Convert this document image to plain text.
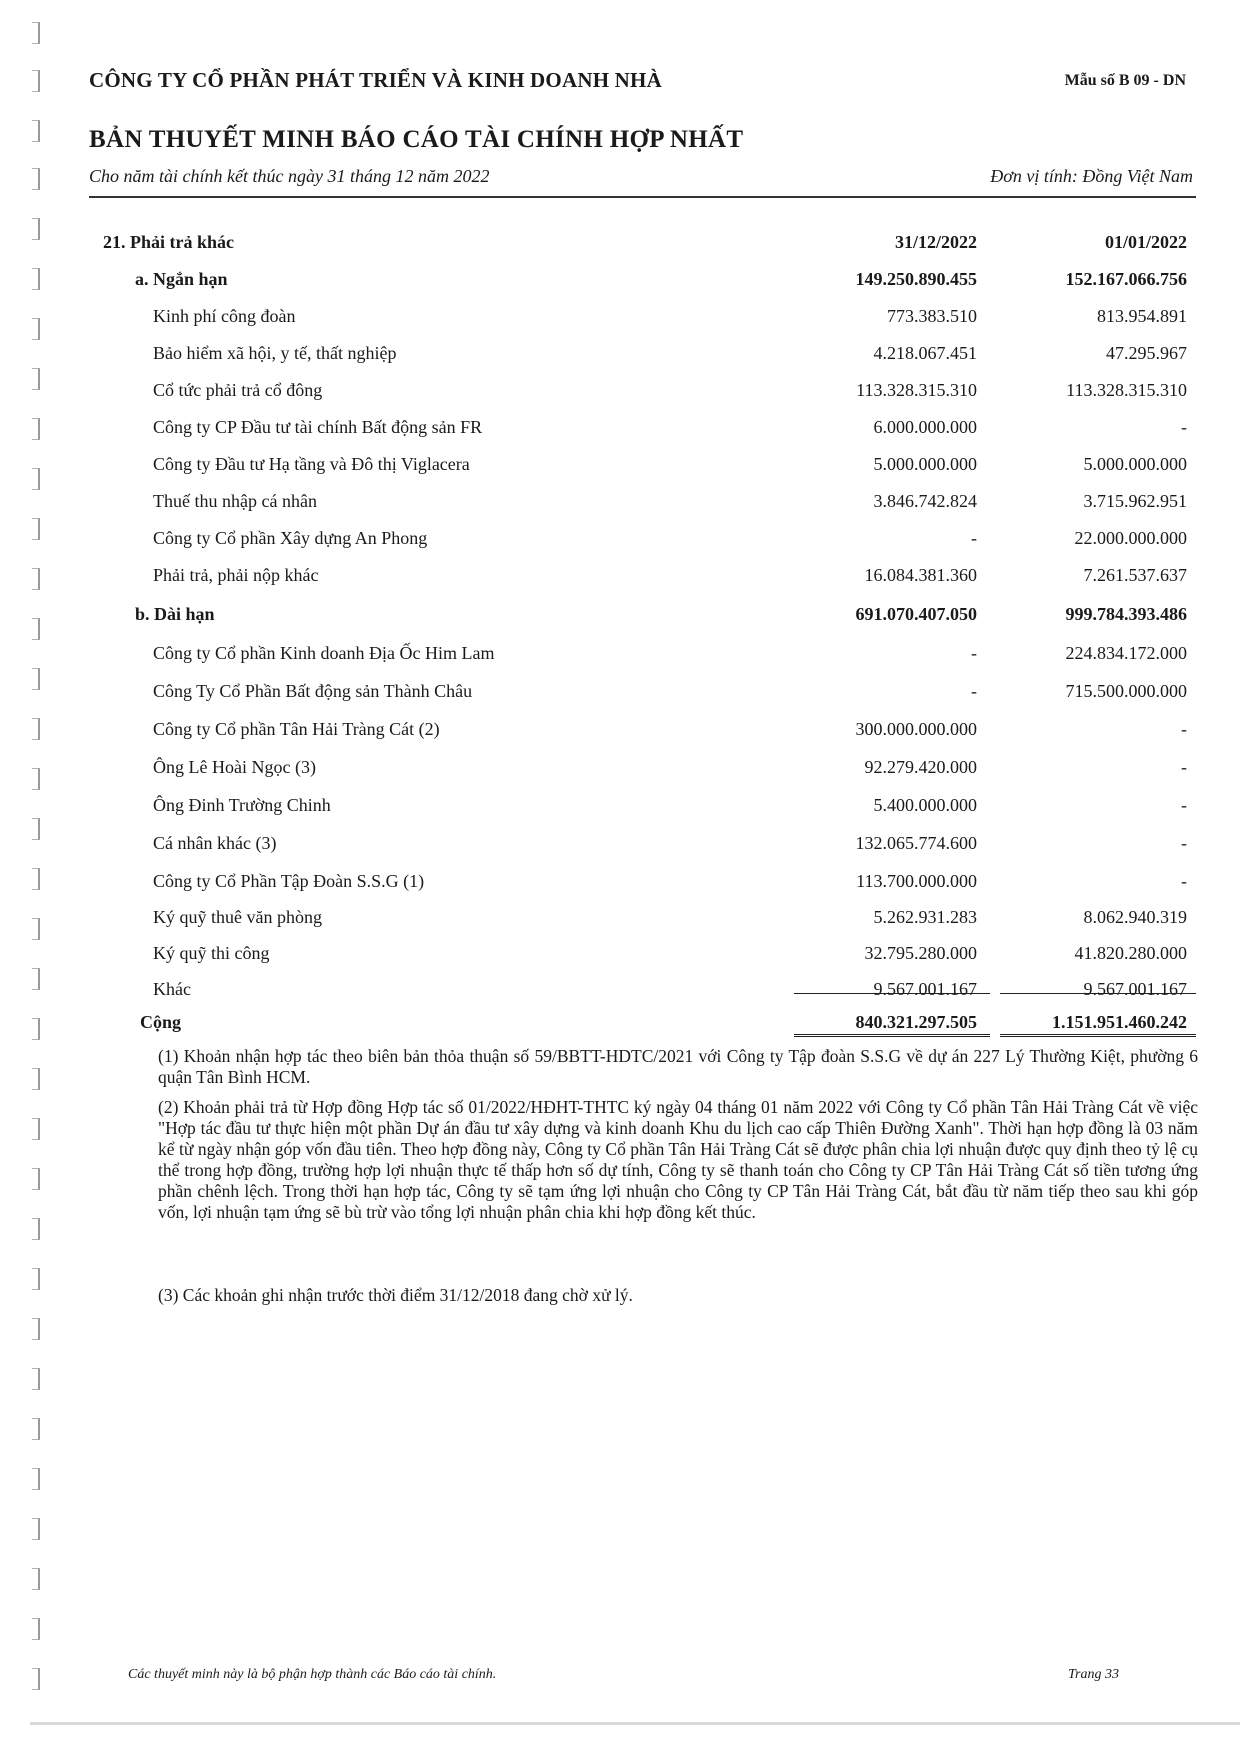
CÔNG TY CỔ PHẦN PHÁT TRIỂN VÀ KINH DOANH NHÀ	Mẫu số B 09 - DN
BẢN THUYẾT MINH BÁO CÁO TÀI CHÍNH HỢP NHẤT
Cho năm tài chính kết thúc ngày 31 tháng 12 năm 2022	Đơn vị tính: Đồng Việt Nam
21. Phải trả khác	31/12/2022	01/01/2022
a. Ngắn hạn	149.250.890.455	152.167.066.756
Kinh phí công đoàn	773.383.510	813.954.891
Bảo hiểm xã hội, y tế, thất nghiệp	4.218.067.451	47.295.967
Cổ tức phải trả cổ đông	113.328.315.310	113.328.315.310
Công ty CP Đầu tư tài chính Bất động sản FR	6.000.000.000	-
Công ty Đầu tư Hạ tầng và Đô thị Viglacera	5.000.000.000	5.000.000.000
Thuế thu nhập cá nhân	3.846.742.824	3.715.962.951
Công ty Cổ phần Xây dựng An Phong	-	22.000.000.000
Phải trả, phải nộp khác	16.084.381.360	7.261.537.637
b. Dài hạn	691.070.407.050	999.784.393.486
Công ty Cổ phần Kinh doanh Địa Ốc Him Lam	-	224.834.172.000
Công Ty Cổ Phần Bất động sản Thành Châu	-	715.500.000.000
Công ty Cổ phần Tân Hải Tràng Cát (2)	300.000.000.000	-
Ông Lê Hoài Ngọc (3)	92.279.420.000	-
Ông Đinh Trường Chinh	5.400.000.000	-
Cá nhân khác (3)	132.065.774.600	-
Công ty Cổ Phần Tập Đoàn S.S.G (1)	113.700.000.000	-
Ký quỹ thuê văn phòng	5.262.931.283	8.062.940.319
Ký quỹ thi công	32.795.280.000	41.820.280.000
Khác	9.567.001.167	9.567.001.167
Cộng	840.321.297.505	1.151.951.460.242
(1) Khoản nhận hợp tác theo biên bản thỏa thuận số 59/BBTT-HDTC/2021 với Công ty Tập đoàn S.S.G về dự án 227 Lý Thường Kiệt, phường 6 quận Tân Bình HCM.
(2) Khoản phải trả từ Hợp đồng Hợp tác số 01/2022/HĐHT-THTC ký ngày 04 tháng 01 năm 2022 với Công ty Cổ phần Tân Hải Tràng Cát về việc "Hợp tác đầu tư thực hiện một phần Dự án đầu tư xây dựng và kinh doanh Khu du lịch cao cấp Thiên Đường Xanh". Thời hạn hợp đồng là 03 năm kể từ ngày nhận góp vốn đầu tiên. Theo hợp đồng này, Công ty Cổ phần Tân Hải Tràng Cát sẽ được phân chia lợi nhuận được quy định theo tỷ lệ cụ thể trong hợp đồng, trường hợp lợi nhuận thực tế thấp hơn số dự tính, Công ty sẽ thanh toán cho Công ty CP Tân Hải Tràng Cát số tiền tương ứng phần chênh lệch. Trong thời hạn hợp tác, Công ty sẽ tạm ứng lợi nhuận cho Công ty CP Tân Hải Tràng Cát, bắt đầu từ năm tiếp theo sau khi góp vốn, lợi nhuận tạm ứng sẽ bù trừ vào tổng lợi nhuận phân chia khi hợp đồng kết thúc.
(3) Các khoản ghi nhận trước thời điểm 31/12/2018 đang chờ xử lý.
Các thuyết minh này là bộ phận hợp thành các Báo cáo tài chính.	Trang 33
